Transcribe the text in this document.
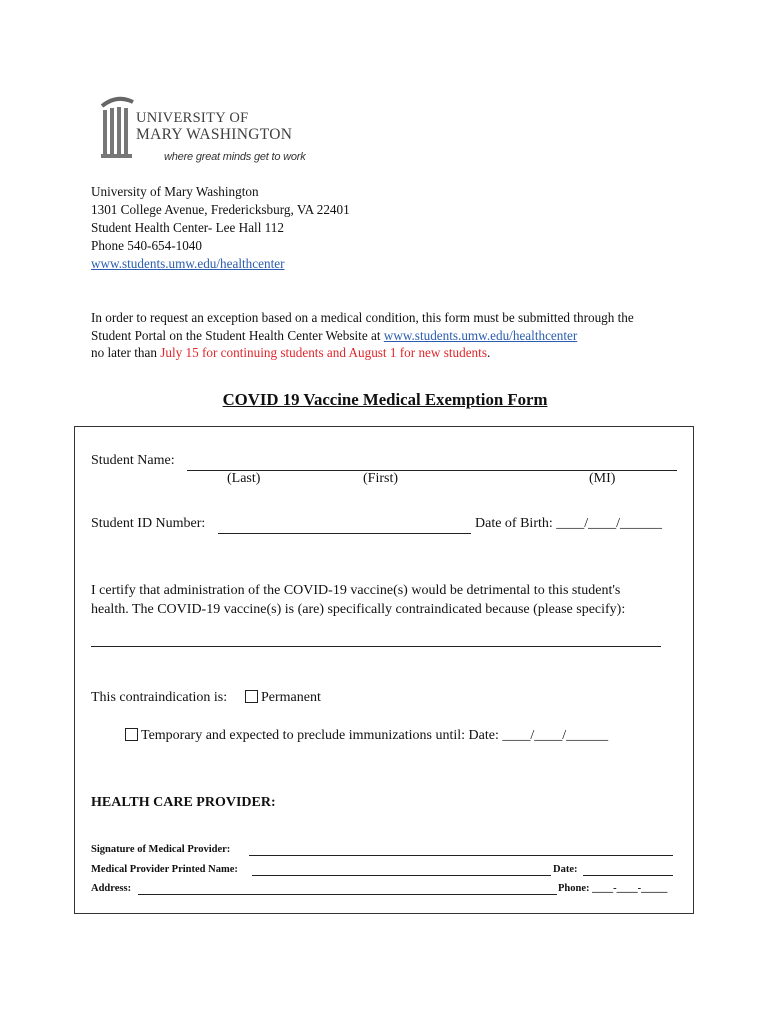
UNIVERSITY OF
MARY WASHINGTON
where great minds get to work
University of Mary Washington
1301 College Avenue, Fredericksburg, VA 22401
Student Health Center- Lee Hall 112
Phone 540-654-1040
www.students.umw.edu/healthcenter
In order to request an exception based on a medical condition, this form must be submitted through the
Student Portal on the Student Health Center Website at www.students.umw.edu/healthcenter
no later than July 15 for continuing students and August 1 for new students.
COVID 19 Vaccine Medical Exemption Form
Student Name:
(Last)	(First)	(MI)
Student ID Number:	Date of Birth: ____/____/______
I certify that administration of the COVID-19 vaccine(s) would be detrimental to this student's
health. The COVID-19 vaccine(s) is (are) specifically contraindicated because (please specify):
This contraindication is:	Permanent
Temporary and expected to preclude immunizations until: Date: ____/____/______
HEALTH CARE PROVIDER:
Signature of Medical Provider:
Medical Provider Printed Name:	Date:
Address:	Phone: ____-____-_____
